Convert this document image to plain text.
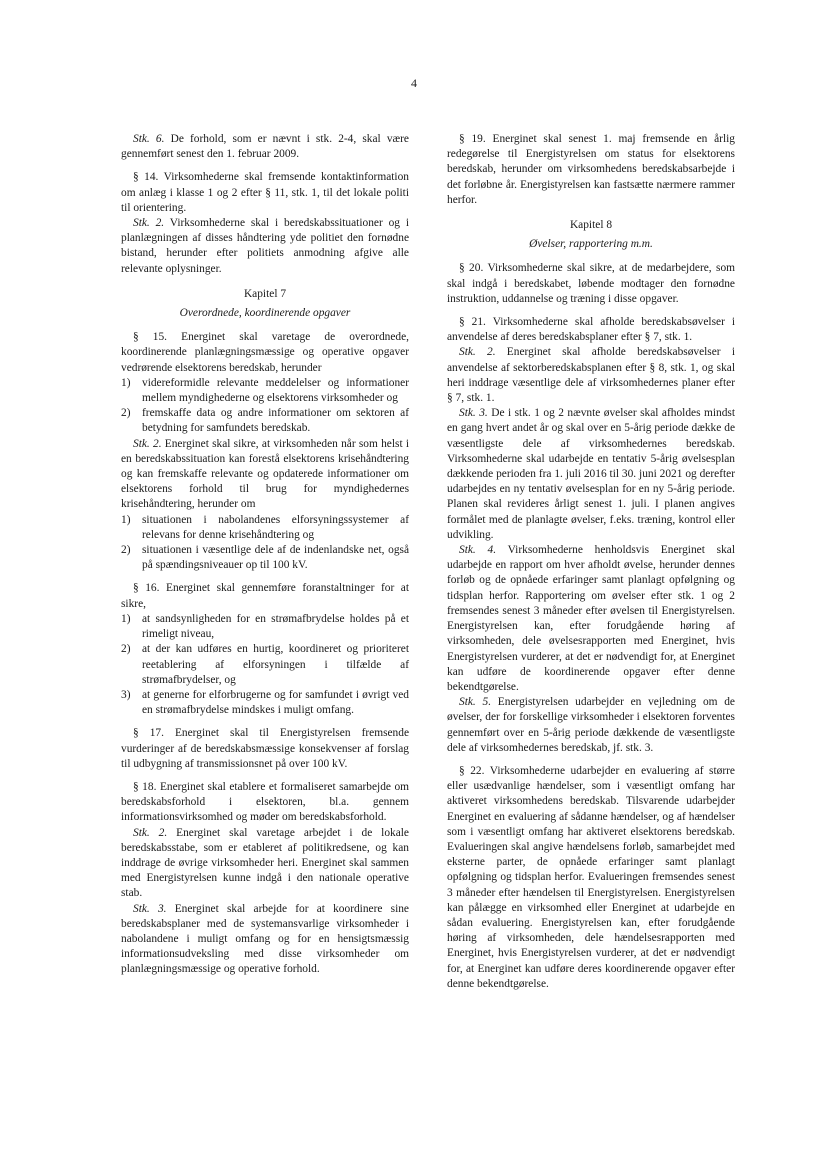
4

Stk. 6. De forhold, som er nævnt i stk. 2-4, skal være gennemført senest den 1. februar 2009.

§ 14. Virksomhederne skal fremsende kontaktinformation om anlæg i klasse 1 og 2 efter § 11, stk. 1, til det lokale politi til orientering.

Stk. 2. Virksomhederne skal i beredskabssituationer og i planlægningen af disses håndtering yde politiet den fornødne bistand, herunder efter politiets anmodning afgive alle relevante oplysninger.

Kapitel 7

Overordnede, koordinerende opgaver

§ 15. Energinet skal varetage de overordnede, koordinerende planlægningsmæssige og operative opgaver vedrørende elsektorens beredskab, herunder

1) videreformidle relevante meddelelser og informationer mellem myndighederne og elsektorens virksomheder og
2) fremskaffe data og andre informationer om sektoren af betydning for samfundets beredskab.

Stk. 2. Energinet skal sikre, at virksomheden når som helst i en beredskabssituation kan forestå elsektorens krisehåndtering og kan fremskaffe relevante og opdaterede informationer om elsektorens forhold til brug for myndighedernes krisehåndtering, herunder om

1) situationen i nabolandenes elforsyningssystemer af relevans for denne krisehåndtering og
2) situationen i væsentlige dele af de indenlandske net, også på spændingsniveauer op til 100 kV.

§ 16. Energinet skal gennemføre foranstaltninger for at sikre,

1) at sandsynligheden for en strømafbrydelse holdes på et rimeligt niveau,
2) at der kan udføres en hurtig, koordineret og prioriteret reetablering af elforsyningen i tilfælde af strømafbrydelser, og
3) at generne for elforbrugerne og for samfundet i øvrigt ved en strømafbrydelse mindskes i muligt omfang.

§ 17. Energinet skal til Energistyrelsen fremsende vurderinger af de beredskabsmæssige konsekvenser af forslag til udbygning af transmissionsnet på over 100 kV.

§ 18. Energinet skal etablere et formaliseret samarbejde om beredskabsforhold i elsektoren, bl.a. gennem informationsvirksomhed og møder om beredskabsforhold.

Stk. 2. Energinet skal varetage arbejdet i de lokale beredskabsstabe, som er etableret af politikredsene, og kan inddrage de øvrige virksomheder heri. Energinet skal sammen med Energistyrelsen kunne indgå i den nationale operative stab.

Stk. 3. Energinet skal arbejde for at koordinere sine beredskabsplaner med de systemansvarlige virksomheder i nabolandene i muligt omfang og for en hensigtsmæssig informationsudveksling med disse virksomheder om planlægningsmæssige og operative forhold.

§ 19. Energinet skal senest 1. maj fremsende en årlig redegørelse til Energistyrelsen om status for elsektorens beredskab, herunder om virksomhedens beredskabsarbejde i det forløbne år. Energistyrelsen kan fastsætte nærmere rammer herfor.

Kapitel 8

Øvelser, rapportering m.m.

§ 20. Virksomhederne skal sikre, at de medarbejdere, som skal indgå i beredskabet, løbende modtager den fornødne instruktion, uddannelse og træning i disse opgaver.

§ 21. Virksomhederne skal afholde beredskabsøvelser i anvendelse af deres beredskabsplaner efter § 7, stk. 1.

Stk. 2. Energinet skal afholde beredskabsøvelser i anvendelse af sektorberedskabsplanen efter § 8, stk. 1, og skal heri inddrage væsentlige dele af virksomhedernes planer efter § 7, stk. 1.

Stk. 3. De i stk. 1 og 2 nævnte øvelser skal afholdes mindst en gang hvert andet år og skal over en 5-årig periode dække de væsentligste dele af virksomhedernes beredskab. Virksomhederne skal udarbejde en tentativ 5-årig øvelsesplan dækkende perioden fra 1. juli 2016 til 30. juni 2021 og derefter udarbejdes en ny tentativ øvelsesplan for en ny 5-årig periode. Planen skal revideres årligt senest 1. juli. I planen angives formålet med de planlagte øvelser, f.eks. træning, kontrol eller udvikling.

Stk. 4. Virksomhederne henholdsvis Energinet skal udarbejde en rapport om hver afholdt øvelse, herunder dennes forløb og de opnåede erfaringer samt planlagt opfølgning og tidsplan herfor. Rapportering om øvelser efter stk. 1 og 2 fremsendes senest 3 måneder efter øvelsen til Energistyrelsen. Energistyrelsen kan, efter forudgående høring af virksomheden, dele øvelsesrapporten med Energinet, hvis Energistyrelsen vurderer, at det er nødvendigt for, at Energinet kan udføre de koordinerende opgaver efter denne bekendtgørelse.

Stk. 5. Energistyrelsen udarbejder en vejledning om de øvelser, der for forskellige virksomheder i elsektoren forventes gennemført over en 5-årig periode dækkende de væsentligste dele af virksomhedernes beredskab, jf. stk. 3.

§ 22. Virksomhederne udarbejder en evaluering af større eller usædvanlige hændelser, som i væsentligt omfang har aktiveret virksomhedens beredskab. Tilsvarende udarbejder Energinet en evaluering af sådanne hændelser, og af hændelser som i væsentligt omfang har aktiveret elsektorens beredskab. Evalueringen skal angive hændelsens forløb, samarbejdet med eksterne parter, de opnåede erfaringer samt planlagt opfølgning og tidsplan herfor. Evalueringen fremsendes senest 3 måneder efter hændelsen til Energistyrelsen. Energistyrelsen kan pålægge en virksomhed eller Energinet at udarbejde en sådan evaluering. Energistyrelsen kan, efter forudgående høring af virksomheden, dele hændelsesrapporten med Energinet, hvis Energistyrelsen vurderer, at det er nødvendigt for, at Energinet kan udføre deres koordinerende opgaver efter denne bekendtgørelse.
